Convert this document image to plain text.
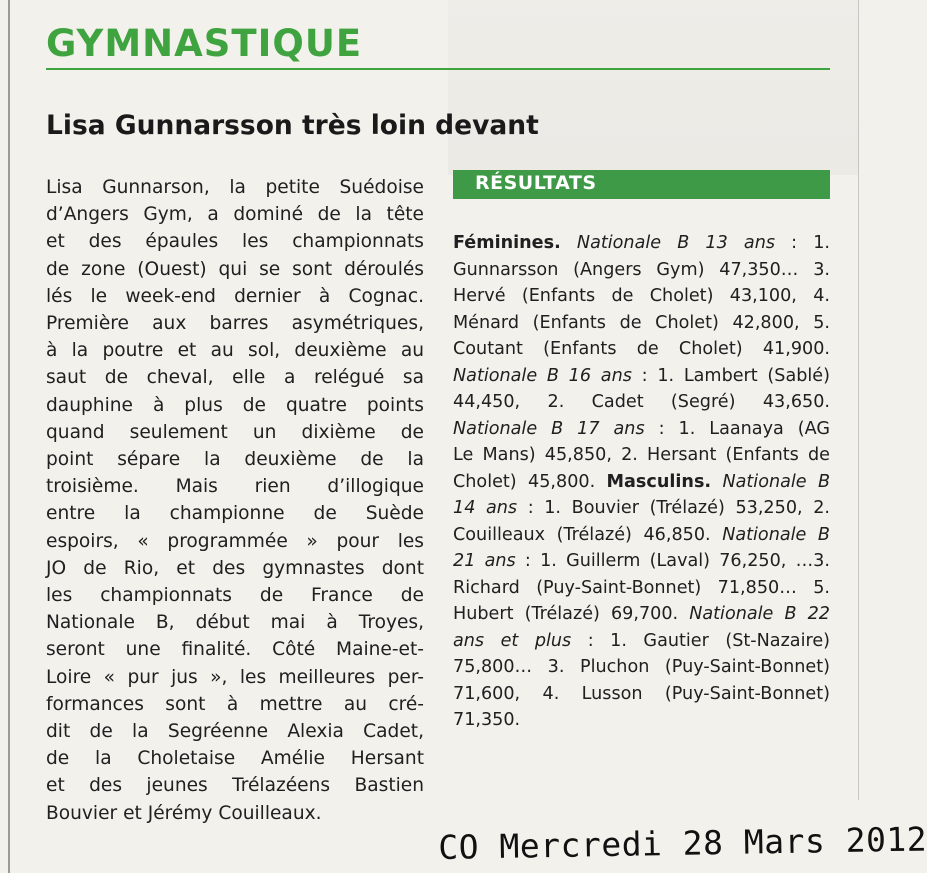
GYMNASTIQUE
Lisa Gunnarsson très loin devant
Lisa Gunnarson, la petite Suédoise
d’Angers Gym, a dominé de la tête
et des épaules les championnats
de zone (Ouest) qui se sont déroulés
lés le week-end dernier à Cognac.
Première aux barres asymétriques,
à la poutre et au sol, deuxième au
saut de cheval, elle a relégué sa
dauphine à plus de quatre points
quand seulement un dixième de
point sépare la deuxième de la
troisième. Mais rien d’illogique
entre la championne de Suède
espoirs, « programmée » pour les
JO de Rio, et des gymnastes dont
les championnats de France de
Nationale B, début mai à Troyes,
seront une finalité. Côté Maine-et-
Loire « pur jus », les meilleures per-
formances sont à mettre au cré-
dit de la Segréenne Alexia Cadet,
de la Choletaise Amélie Hersant
et des jeunes Trélazéens Bastien
Bouvier et Jérémy Couilleaux.
RÉSULTATS
Féminines. Nationale B 13 ans : 1.
Gunnarsson (Angers Gym) 47,350… 3.
Hervé (Enfants de Cholet) 43,100, 4.
Ménard (Enfants de Cholet) 42,800, 5.
Coutant (Enfants de Cholet) 41,900.
Nationale B 16 ans : 1. Lambert (Sablé)
44,450, 2. Cadet (Segré) 43,650.
Nationale B 17 ans : 1. Laanaya (AG
Le Mans) 45,850, 2. Hersant (Enfants de
Cholet) 45,800. Masculins. Nationale B
14 ans : 1. Bouvier (Trélazé) 53,250, 2.
Couilleaux (Trélazé) 46,850. Nationale B
21 ans : 1. Guillerm (Laval) 76,250, …3.
Richard (Puy-Saint-Bonnet) 71,850… 5.
Hubert (Trélazé) 69,700. Nationale B 22
ans et plus : 1. Gautier (St-Nazaire)
75,800… 3. Pluchon (Puy-Saint-Bonnet)
71,600, 4. Lusson (Puy-Saint-Bonnet)
71,350.
CO Mercredi 28 Mars 2012
